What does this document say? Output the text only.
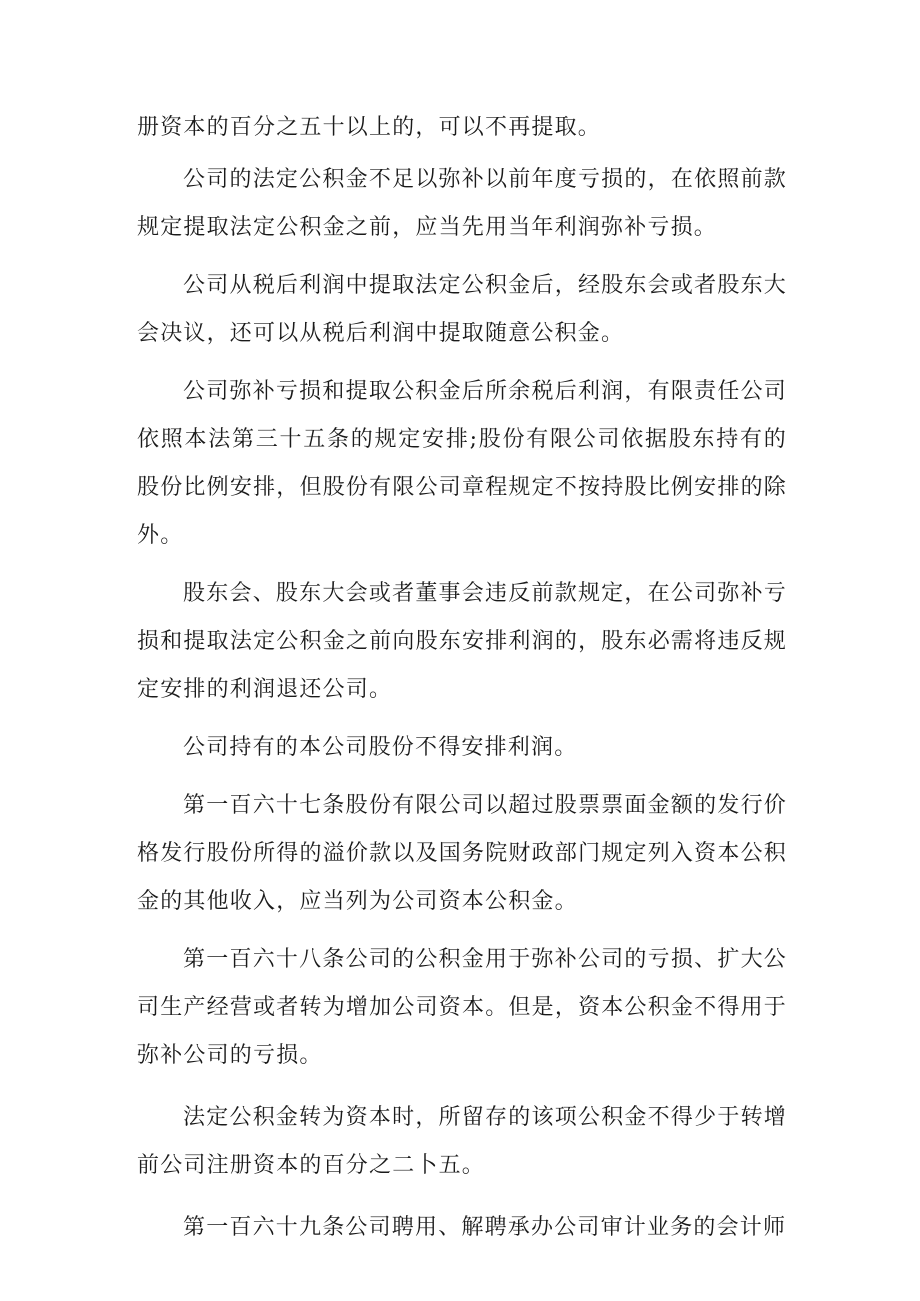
册资本的百分之五十以上的，可以不再提取。

公司的法定公积金不足以弥补以前年度亏损的，在依照前款规定提取法定公积金之前，应当先用当年利润弥补亏损。

公司从税后利润中提取法定公积金后，经股东会或者股东大会决议，还可以从税后利润中提取随意公积金。

公司弥补亏损和提取公积金后所余税后利润，有限责任公司依照本法第三十五条的规定安排;股份有限公司依据股东持有的股份比例安排，但股份有限公司章程规定不按持股比例安排的除外。

股东会、股东大会或者董事会违反前款规定，在公司弥补亏损和提取法定公积金之前向股东安排利润的，股东必需将违反规定安排的利润退还公司。

公司持有的本公司股份不得安排利润。

第一百六十七条股份有限公司以超过股票票面金额的发行价格发行股份所得的溢价款以及国务院财政部门规定列入资本公积金的其他收入，应当列为公司资本公积金。

第一百六十八条公司的公积金用于弥补公司的亏损、扩大公司生产经营或者转为增加公司资本。但是，资本公积金不得用于弥补公司的亏损。

法定公积金转为资本时，所留存的该项公积金不得少于转增前公司注册资本的百分之二卜五。

第一百六十九条公司聘用、解聘承办公司审计业务的会计师
